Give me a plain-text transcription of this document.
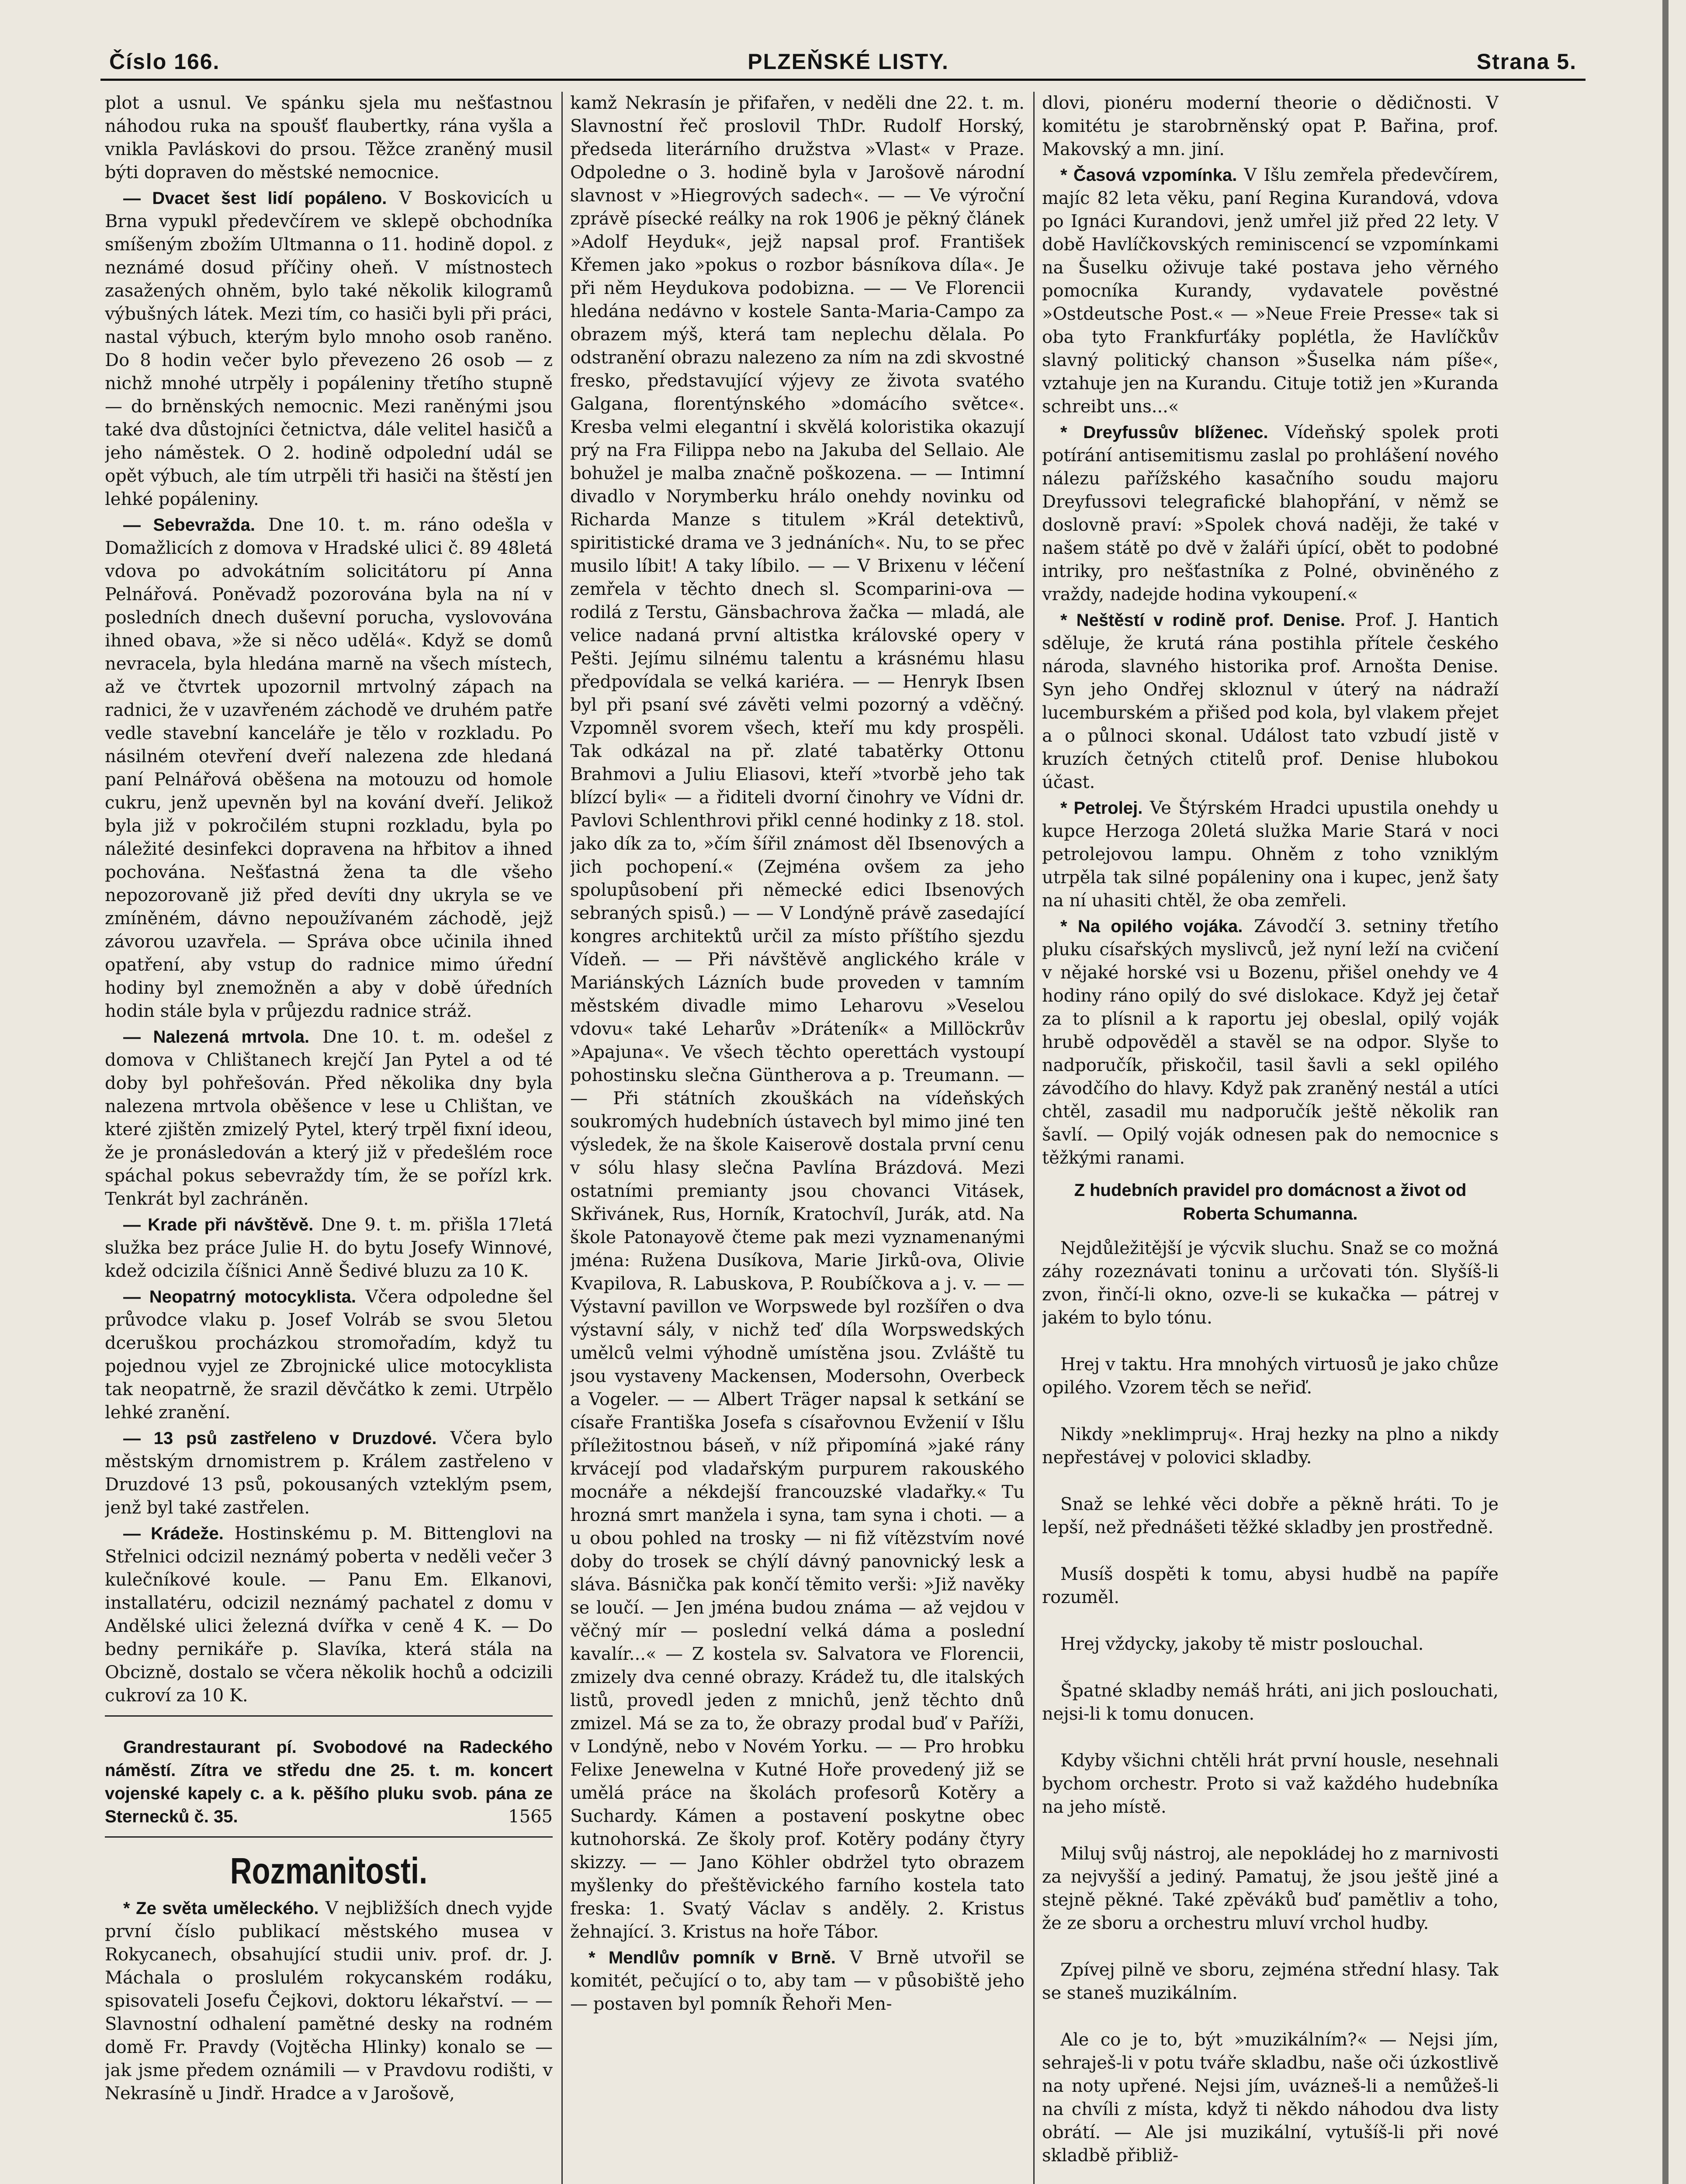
Číslo 166.	PLZEŇSKÉ LISTY.	Strana 5.

plot a usnul. Ve spánku sjela mu nešťastnou náhodou ruka na spoušť flaubertky, rána vyšla a vnikla Pavláskovi do prsou. Těžce zraněný musil býti dopraven do městské nemocnice.

— Dvacet šest lidí popáleno. V Boskovicích u Brna vypukl předevčírem ve sklepě obchodníka smíšeným zbožím Ultmanna o 11. hodině dopol. z neznámé dosud příčiny oheň. V místnostech zasažených ohněm, bylo také několik kilogramů výbušných látek. Mezi tím, co hasiči byli při práci, nastal výbuch, kterým bylo mnoho osob raněno. Do 8 hodin večer bylo převezeno 26 osob — z nichž mnohé utrpěly i popáleniny třetího stupně — do brněnských nemocnic. Mezi raněnými jsou také dva důstojníci četnictva, dále velitel hasičů a jeho náměstek. O 2. hodině odpolední udál se opět výbuch, ale tím utrpěli tři hasiči na štěstí jen lehké popáleniny.

— Sebevražda. Dne 10. t. m. ráno odešla v Domažlicích z domova v Hradské ulici č. 89 48letá vdova po advokátním solicitátoru pí Anna Pelnářová. Poněvadž pozorována byla na ní v posledních dnech duševní porucha, vyslovována ihned obava, »že si něco udělá«. Když se domů nevracela, byla hledána marně na všech místech, až ve čtvrtek upozornil mrtvolný zápach na radnici, že v uzavřeném záchodě ve druhém patře vedle stavební kanceláře je tělo v rozkladu. Po násilném otevření dveří nalezena zde hledaná paní Pelnářová oběšena na motouzu od homole cukru, jenž upevněn byl na kování dveří. Jelikož byla již v pokročilém stupni rozkladu, byla po náležité desinfekci dopravena na hřbitov a ihned pochována. Nešťastná žena ta dle všeho nepozorovaně již před devíti dny ukryla se ve zmíněném, dávno nepoužívaném záchodě, jejž závorou uzavřela. — Správa obce učinila ihned opatření, aby vstup do radnice mimo úřední hodiny byl znemožněn a aby v době úředních hodin stále byla v průjezdu radnice stráž.

— Nalezená mrtvola. Dne 10. t. m. odešel z domova v Chlištanech krejčí Jan Pytel a od té doby byl pohřešován. Před několika dny byla nalezena mrtvola oběšence v lese u Chlištan, ve které zjištěn zmizelý Pytel, který trpěl fixní ideou, že je pronásledován a který již v předešlém roce spáchal pokus sebevraždy tím, že se pořízl krk. Tenkrát byl zachráněn.

— Krade při návštěvě. Dne 9. t. m. přišla 17letá služka bez práce Julie H. do bytu Josefy Winnové, kdež odcizila číšnici Anně Šedivé bluzu za 10 K.

— Neopatrný motocyklista. Včera odpoledne šel průvodce vlaku p. Josef Volráb se svou 5letou dceruškou procházkou stromořadím, když tu pojednou vyjel ze Zbrojnické ulice motocyklista tak neopatrně, že srazil děvčátko k zemi. Utrpělo lehké zranění.

— 13 psů zastřeleno v Druzdové. Včera bylo městským drnomistrem p. Králem zastřeleno v Druzdové 13 psů, pokousaných vzteklým psem, jenž byl také zastřelen.

— Krádeže. Hostinskému p. M. Bittenglovi na Střelnici odcizil neznámý poberta v neděli večer 3 kulečníkové koule. — Panu Em. Elkanovi, installatéru, odcizil neznámý pachatel z domu v Andělské ulici železná dvířka v ceně 4 K. — Do bedny pernikáře p. Slavíka, která stála na Obcizně, dostalo se včera několik hochů a odcizili cukroví za 10 K.

Grandrestaurant pí. Svobodové na Radeckého náměstí. Zítra ve středu dne 25. t. m. koncert vojenské kapely c. a k. pěšího pluku svob. pána ze Sternecků č. 35.	1565

Rozmanitosti.

* Ze světa uměleckého. V nejbližších dnech vyjde první číslo publikací městského musea v Rokycanech, obsahující studii univ. prof. dr. J. Máchala o proslulém rokycanském rodáku, spisovateli Josefu Čejkovi, doktoru lékařství. — — Slavnostní odhalení pamětné desky na rodném domě Fr. Pravdy (Vojtěcha Hlinky) konalo se — jak jsme předem oznámili — v Pravdovu rodišti, v Nekrasíně u Jindř. Hradce a v Jarošově,

kamž Nekrasín je přifařen, v neděli dne 22. t. m. Slavnostní řeč proslovil ThDr. Rudolf Horský, předseda literárního družstva »Vlast« v Praze. Odpoledne o 3. hodině byla v Jarošově národní slavnost v »Hiegrových sadech«. — — Ve výroční zprávě písecké reálky na rok 1906 je pěkný článek »Adolf Heyduk«, jejž napsal prof. František Křemen jako »pokus o rozbor básníkova díla«. Je při něm Heydukova podobizna. — — Ve Florencii hledána nedávno v kostele Santa-Maria-Campo za obrazem mýš, která tam neplechu dělala. Po odstranění obrazu nalezeno za ním na zdi skvostné fresko, představující výjevy ze života svatého Galgana, florentýnského »domácího světce«. Kresba velmi elegantní i skvělá koloristika okazují prý na Fra Filippa nebo na Jakuba del Sellaio. Ale bohužel je malba značně poškozena. — — Intimní divadlo v Norymberku hrálo onehdy novinku od Richarda Manze s titulem »Král detektivů, spiritistické drama ve 3 jednáních«. Nu, to se přec musilo líbit! A taky líbilo. — — V Brixenu v léčení zemřela v těchto dnech sl. Scomparini-ova — rodilá z Terstu, Gänsbachrova žačka — mladá, ale velice nadaná první altistka královské opery v Pešti. Jejímu silnému talentu a krásnému hlasu předpovídala se velká kariéra. — — Henryk Ibsen byl při psaní své závěti velmi pozorný a vděčný. Vzpomněl svorem všech, kteří mu kdy prospěli. Tak odkázal na př. zlaté tabatěrky Ottonu Brahmovi a Juliu Eliasovi, kteří »tvorbě jeho tak blízcí byli« — a řiditeli dvorní činohry ve Vídni dr. Pavlovi Schlenthrovi přikl cenné hodinky z 18. stol. jako dík za to, »čím šířil známost děl Ibsenových a jich pochopení.« (Zejména ovšem za jeho spolupůsobení při německé edici Ibsenových sebraných spisů.) — — V Londýně právě zasedající kongres architektů určil za místo příštího sjezdu Vídeň. — — Při návštěvě anglického krále v Mariánských Lázních bude proveden v tamním městském divadle mimo Leharovu »Veselou vdovu« také Leharův »Dráteník« a Millöckrův »Apajuna«. Ve všech těchto operettách vystoupí pohostinsku slečna Güntherova a p. Treumann. — — Při státních zkouškách na vídeňských soukromých hudebních ústavech byl mimo jiné ten výsledek, že na škole Kaiserově dostala první cenu v sólu hlasy slečna Pavlína Brázdová. Mezi ostatními premianty jsou chovanci Vitásek, Skřivánek, Rus, Horník, Kratochvíl, Jurák, atd. Na škole Patonayově čteme pak mezi vyznamenanými jména: Ruženа Dusíkova, Marie Jirků-ova, Olivie Kvapilova, R. Labuskova, P. Roubíčkova a j. v. — — Výstavní pavillon ve Worpswede byl rozšířen o dva výstavní sály, v nichž teď díla Worpswedských umělců velmi výhodně umístěna jsou. Zvláště tu jsou vystaveny Mackensen, Modersohn, Overbeck a Vogeler. — — Albert Träger napsal k setkání se císaře Františka Josefa s císařovnou Evženií v Išlu příležitostnou báseň, v níž připomíná »jaké rány krvácejí pod vladařským purpurem rakouského mocnáře a nékdejší francouzské vladařky.« Tu hrozná smrt manžela i syna, tam syna i choti. — a u obou pohled na trosky — ni fiž vítězstvím nové doby do trosek se chýlí dávný panovnický lesk a sláva. Básnička pak končí těmito verši: »Již navěky se loučí. — Jen jména budou známa — až vejdou v věčný mír — poslední velká dáma a poslední kavalír...« — Z kostela sv. Salvatora ve Florencii, zmizely dva cenné obrazy. Krádež tu, dle italských listů, provedl jeden z mnichů, jenž těchto dnů zmizel. Má se za to, že obrazy prodal buď v Paříži, v Londýně, nebo v Novém Yorku. — — Pro hrobku Felixe Jenewelna v Kutné Hoře provedený již se umělá práce na školách profesorů Kotěry a Suchardy. Kámen a postavení poskytne obec kutnohorská. Ze školy prof. Kotěry podány čtyry skizzy. — — Jano Köhler obdržel tyto obrazem myšlenky do přeštěvického farního kostela tato freska: 1. Svatý Václav s anděly. 2. Kristus žehnající. 3. Kristus na hoře Tábor.

* Mendlův pomník v Brně. V Brně utvořil se komitét, pečující o to, aby tam — v působiště jeho — postaven byl pomník Řehoři Men-

dlovi, pionéru moderní theorie o dědičnosti. V komitétu je starobrněnský opat P. Bařina, prof. Makovský a mn. jiní.

* Časová vzpomínka. V Išlu zemřela předevčírem, majíc 82 leta věku, paní Regina Kurandová, vdova po Ignáci Kurandovi, jenž umřel již před 22 lety. V době Havlíčkovských reminiscencí se vzpomínkami na Šuselku oživuje také postava jeho věrného pomocníka Kurandy, vydavatele pověstné »Ostdeutsche Post.« — »Neue Freie Presse« tak si oba tyto Frankfurťáky poplétla, že Havlíčkův slavný politický chanson »Šuselka nám píše«, vztahuje jen na Kurandu. Cituje totiž jen »Kuranda schreibt uns...«

* Dreyfussův blíženec. Vídeňský spolek proti potírání antisemitismu zaslal po prohlášení nového nálezu pařížského kasačního soudu majoru Dreyfussovi telegrafické blahopřání, v němž se doslovně praví: »Spolek chová naději, že také v našem státě po dvě v žaláři úpící, obět to podobné intriky, pro nešťastníka z Polné, obviněného z vraždy, nadejde hodina vykoupení.«

* Neštěstí v rodině prof. Denise. Prof. J. Hantich sděluje, že krutá rána postihla přítele českého národa, slavného historika prof. Arnošta Denise. Syn jeho Ondřej skloznul v úterý na nádraží lucemburském a přišed pod kola, byl vlakem přejet a o půlnoci skonal. Událost tato vzbudí jistě v kruzích četných ctitelů prof. Denise hlubokou účast.

* Petrolej. Ve Štýrském Hradci upustila onehdy u kupce Herzoga 20letá služka Marie Stará v noci petrolejovou lampu. Ohněm z toho vzniklým utrpěla tak silné popáleniny ona i kupec, jenž šaty na ní uhasiti chtěl, že oba zemřeli.

* Na opilého vojáka. Závodčí 3. setniny třetího pluku císařských myslivců, jež nyní leží na cvičení v nějaké horské vsi u Bozenu, přišel onehdy ve 4 hodiny ráno opilý do své dislokace. Když jej četař za to plísnil a k raportu jej obeslal, opilý voják hrubě odpověděl a stavěl se na odpor. Slyše to nadporučík, přiskočil, tasil šavli a sekl opilého závodčího do hlavy. Když pak zraněný nestál a utíci chtěl, zasadil mu nadporučík ještě několik ran šavlí. — Opilý voják odnesen pak do nemocnice s těžkými ranami.

Z hudebních pravidel pro domácnost a život od Roberta Schumanna.

Nejdůležitější je výcvik sluchu. Snaž se co možná záhy rozeznávati toninu a určovati tón. Slyšíš-li zvon, řinčí-li okno, ozve-li se kukačka — pátrej v jakém to bylo tónu.

Hrej v taktu. Hra mnohých virtuosů je jako chůze opilého. Vzorem těch se neřiď.

Nikdy »neklimpruj«. Hraj hezky na plno a nikdy nepřestávej v polovici skladby.

Snaž se lehké věci dobře a pěkně hráti. To je lepší, než přednášeti těžké skladby jen prostředně.

Musíš dospěti k tomu, abysi hudbě na papíře rozuměl.

Hrej vždycky, jakoby tě mistr poslouchal.

Špatné skladby nemáš hráti, ani jich poslouchati, nejsi-li k tomu donucen.

Kdyby všichni chtěli hrát první housle, nesehnali bychom orchestr. Proto si važ každého hudebníka na jeho místě.

Miluj svůj nástroj, ale nepokládej ho z marnivosti za nejvyšší a jediný. Pamatuj, že jsou ještě jiné a stejně pěkné. Také zpěváků buď pamětliv a toho, že ze sboru a orchestru mluví vrchol hudby.

Zpívej pilně ve sboru, zejména střední hlasy. Tak se staneš muzikálním.

Ale co je to, být »muzikálním?« — Nejsi jím, sehraješ-li v potu tváře skladbu, naše oči úzkostlivě na noty upřené. Nejsi jím, uvázneš-li a nemůžeš-li na chvíli z místa, když ti někdo náhodou dva listy obrátí. — Ale jsi muzikální, vytušíš-li při nové skladbě přibliž-
